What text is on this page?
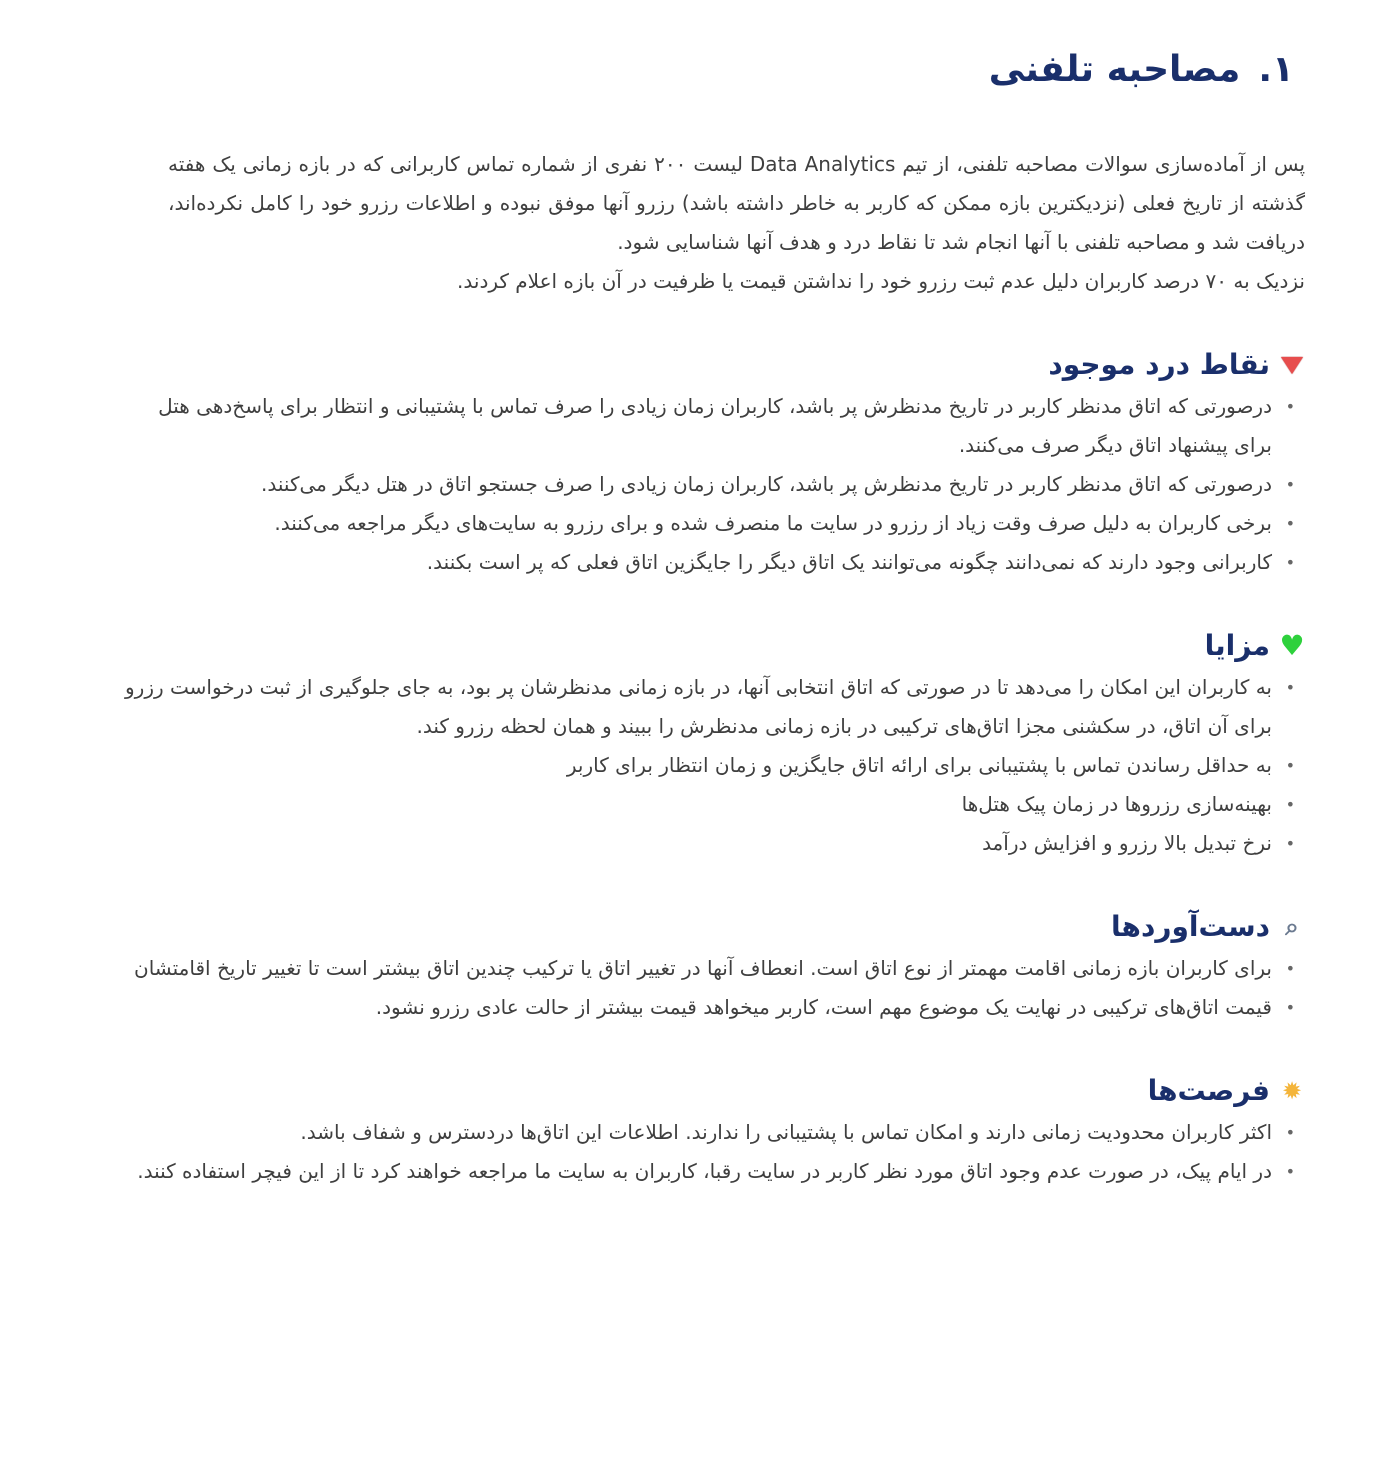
۱.
مصاحبه تلفنی

پس از آماده‌سازی سوالات مصاحبه تلفنی، از تیم Data Analytics لیست ۲۰۰ نفری از شماره تماس کاربرانی که در بازه زمانی یک هفته گذشته از تاریخ فعلی (نزدیکترین بازه ممکن که کاربر به خاطر داشته باشد) رزرو آنها موفق نبوده و اطلاعات رزرو خود را کامل نکرده‌اند، دریافت شد و مصاحبه تلفنی با آنها انجام شد تا نقاط درد و هدف آنها شناسایی شود.

نزدیک به ۷۰ درصد کاربران دلیل عدم ثبت رزرو خود را نداشتن قیمت یا ظرفیت در آن بازه اعلام کردند.

نقاط درد موجود
• درصورتی که اتاق مدنظر کاربر در تاریخ مدنظرش پر باشد، کاربران زمان زیادی را صرف تماس با پشتیبانی و انتظار برای پاسخ‌دهی هتل برای پیشنهاد اتاق دیگر صرف می‌کنند.
• درصورتی که اتاق مدنظر کاربر در تاریخ مدنظرش پر باشد، کاربران زمان زیادی را صرف جستجو اتاق در هتل دیگر می‌کنند.
• برخی کاربران به دلیل صرف وقت زیاد از رزرو در سایت ما منصرف شده و برای رزرو به سایت‌های دیگر مراجعه می‌کنند.
• کاربرانی وجود دارند که نمی‌دانند چگونه می‌توانند یک اتاق دیگر را جایگزین اتاق فعلی که پر است بکنند.
♥
مزایا
• به کاربران این امکان را می‌دهد تا در صورتی که اتاق انتخابی آنها، در بازه زمانی مدنظرشان پر بود، به جای جلوگیری از ثبت درخواست رزرو برای آن اتاق، در سکشنی مجزا اتاق‌های ترکیبی در بازه زمانی مدنظرش را ببیند و همان لحظه رزرو کند.
• به حداقل رساندن تماس با پشتیبانی برای ارائه اتاق جایگزین و زمان انتظار برای کاربر
• بهینه‌سازی رزروها در زمان پیک هتل‌ها
• نرخ تبدیل بالا رزرو و افزایش درآمد
⌕
دست‌آوردها
• برای کاربران بازه زمانی اقامت مهمتر از نوع اتاق است. انعطاف آنها در تغییر اتاق یا ترکیب چندین اتاق بیشتر است تا تغییر تاریخ اقامتشان
• قیمت اتاق‌های ترکیبی در نهایت یک موضوع مهم است، کاربر میخواهد قیمت بیشتر از حالت عادی رزرو نشود.
✹
فرصت‌ها
• اکثر کاربران محدودیت زمانی دارند و امکان تماس با پشتیبانی را ندارند. اطلاعات این اتاق‌ها دردسترس و شفاف باشد.
• در ایام پیک، در صورت عدم وجود اتاق مورد نظر کاربر در سایت رقبا، کاربران به سایت ما مراجعه خواهند کرد تا از این فیچر استفاده کنند.
